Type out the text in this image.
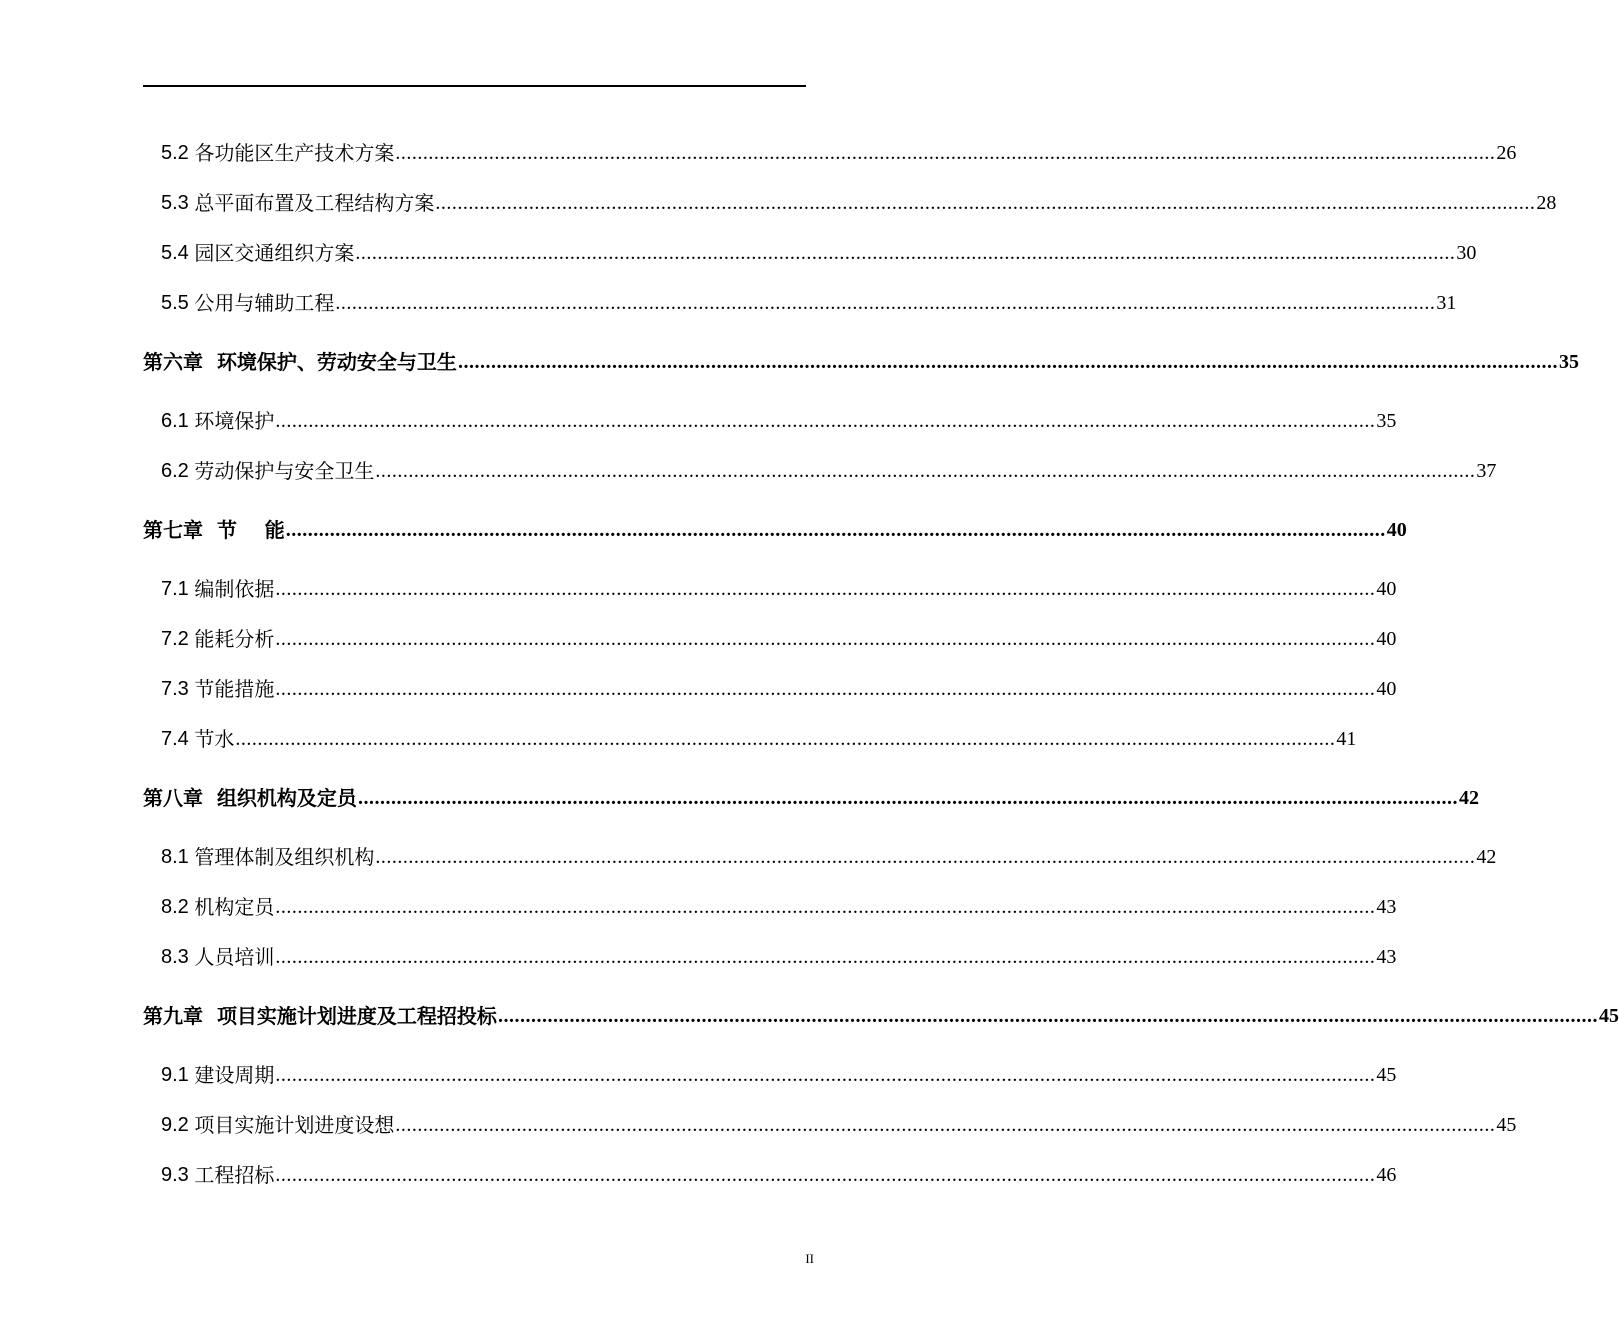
5.2 各功能区生产技术方案 ........................................................................................................................................................................................................ 26
5.3 总平面布置及工程结构方案 ........................................................................................................................................................................................................ 28
5.4 园区交通组织方案 ........................................................................................................................................................................................................ 30
5.5 公用与辅助工程 ........................................................................................................................................................................................................ 31
第六章 环境保护、劳动安全与卫生 ........................................................................................................................................................................................................ 35
6.1 环境保护 ........................................................................................................................................................................................................ 35
6.2 劳动保护与安全卫生 ........................................................................................................................................................................................................ 37
第七章 节    能 ........................................................................................................................................................................................................ 40
7.1 编制依据 ........................................................................................................................................................................................................ 40
7.2 能耗分析 ........................................................................................................................................................................................................ 40
7.3 节能措施 ........................................................................................................................................................................................................ 40
7.4 节水 ........................................................................................................................................................................................................ 41
第八章 组织机构及定员 ........................................................................................................................................................................................................ 42
8.1 管理体制及组织机构 ........................................................................................................................................................................................................ 42
8.2 机构定员 ........................................................................................................................................................................................................ 43
8.3 人员培训 ........................................................................................................................................................................................................ 43
第九章 项目实施计划进度及工程招投标 ........................................................................................................................................................................................................ 45
9.1 建设周期 ........................................................................................................................................................................................................ 45
9.2 项目实施计划进度设想 ........................................................................................................................................................................................................ 45
9.3 工程招标 ........................................................................................................................................................................................................ 46
II
